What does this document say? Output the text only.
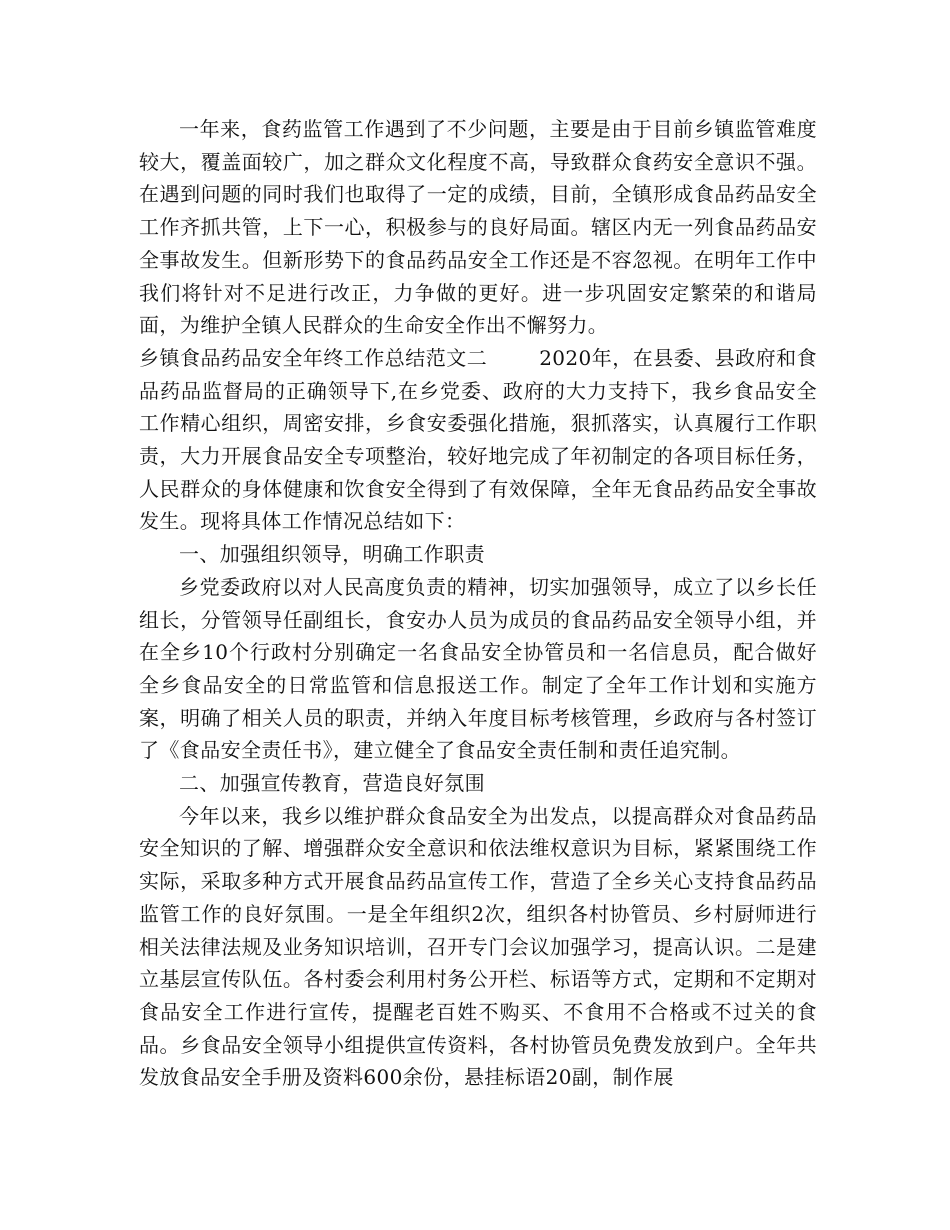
一年来，食药监管工作遇到了不少问题，主要是由于目前乡镇监管难度较大，覆盖面较广，加之群众文化程度不高，导致群众食药安全意识不强。在遇到问题的同时我们也取得了一定的成绩，目前，全镇形成食品药品安全工作齐抓共管，上下一心，积极参与的良好局面。辖区内无一列食品药品安全事故发生。但新形势下的食品药品安全工作还是不容忽视。在明年工作中我们将针对不足进行改正，力争做的更好。进一步巩固安定繁荣的和谐局面，为维护全镇人民群众的生命安全作出不懈努力。

乡镇食品药品安全年终工作总结范文二	2020年，在县委、县政府和食品药品监督局的正确领导下,在乡党委、政府的大力支持下，我乡食品安全工作精心组织，周密安排，乡食安委强化措施，狠抓落实，认真履行工作职责，大力开展食品安全专项整治，较好地完成了年初制定的各项目标任务，人民群众的身体健康和饮食安全得到了有效保障，全年无食品药品安全事故发生。现将具体工作情况总结如下：

一、加强组织领导，明确工作职责

乡党委政府以对人民高度负责的精神，切实加强领导，成立了以乡长任组长，分管领导任副组长，食安办人员为成员的食品药品安全领导小组，并在全乡10个行政村分别确定一名食品安全协管员和一名信息员，配合做好全乡食品安全的日常监管和信息报送工作。制定了全年工作计划和实施方案，明确了相关人员的职责，并纳入年度目标考核管理，乡政府与各村签订了《食品安全责任书》，建立健全了食品安全责任制和责任追究制。

二、加强宣传教育，营造良好氛围

今年以来，我乡以维护群众食品安全为出发点，以提高群众对食品药品安全知识的了解、增强群众安全意识和依法维权意识为目标，紧紧围绕工作实际，采取多种方式开展食品药品宣传工作，营造了全乡关心支持食品药品监管工作的良好氛围。一是全年组织2次，组织各村协管员、乡村厨师进行相关法律法规及业务知识培训，召开专门会议加强学习，提高认识。二是建立基层宣传队伍。各村委会利用村务公开栏、标语等方式，定期和不定期对食品安全工作进行宣传，提醒老百姓不购买、不食用不合格或不过关的食品。乡食品安全领导小组提供宣传资料，各村协管员免费发放到户。全年共发放食品安全手册及资料600余份，悬挂标语20副，制作展
